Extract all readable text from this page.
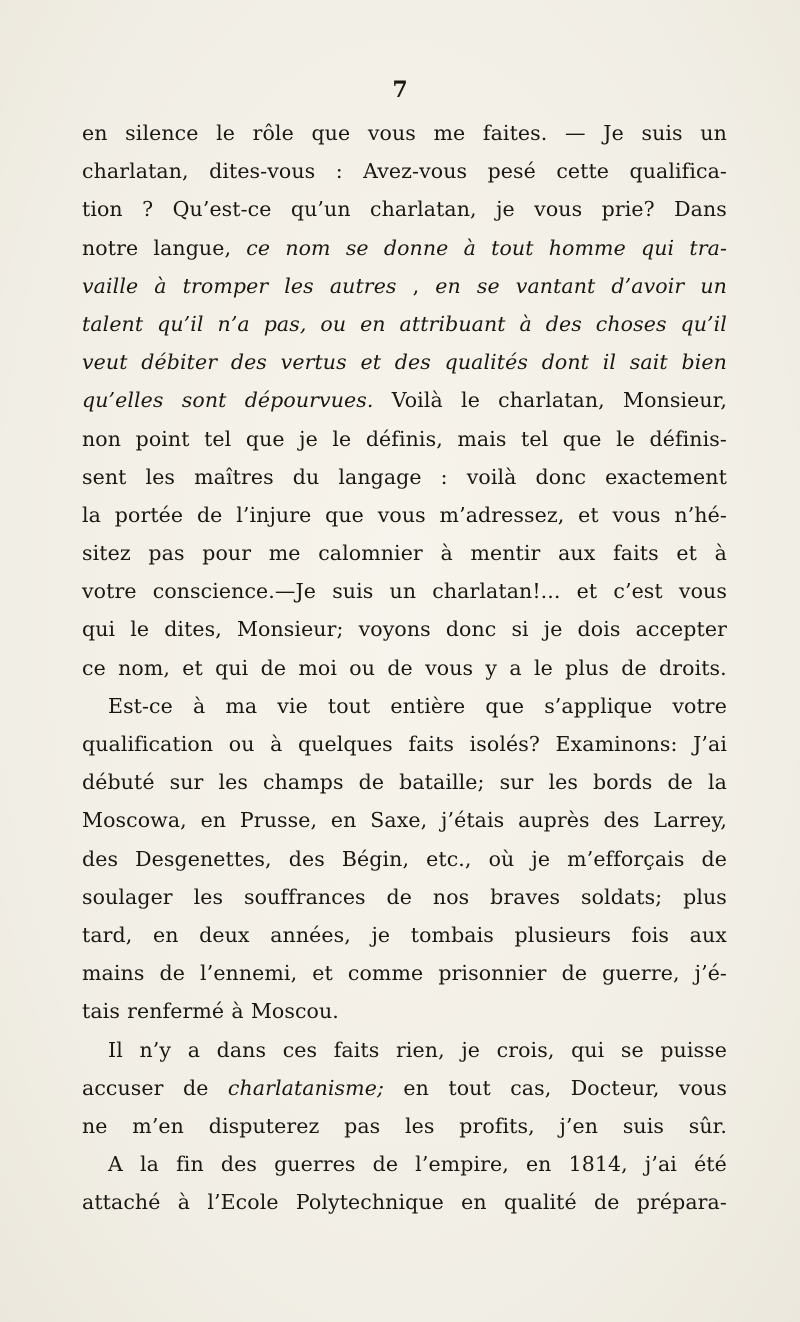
7
en silence le rôle que vous me faites. — Je suis un
charlatan, dites-vous : Avez-vous pesé cette qualifica-
tion ? Qu’est-ce qu’un charlatan, je vous prie? Dans
notre langue, ce nom se donne à tout homme qui tra-
vaille à tromper les autres , en se vantant d’avoir un
talent qu’il n’a pas, ou en attribuant à des choses qu’il
veut débiter des vertus et des qualités dont il sait bien
qu’elles sont dépourvues. Voilà le charlatan, Monsieur,
non point tel que je le définis, mais tel que le définis-
sent les maîtres du langage : voilà donc exactement
la portée de l’injure que vous m’adressez, et vous n’hé-
sitez pas pour me calomnier à mentir aux faits et à
votre conscience.—Je suis un charlatan!... et c’est vous
qui le dites, Monsieur; voyons donc si je dois accepter
ce nom, et qui de moi ou de vous y a le plus de droits.
Est-ce à ma vie tout entière que s’applique votre
qualification ou à quelques faits isolés? Examinons: J’ai
débuté sur les champs de bataille; sur les bords de la
Moscowa, en Prusse, en Saxe, j’étais auprès des Larrey,
des Desgenettes, des Bégin, etc., où je m’efforçais de
soulager les souffrances de nos braves soldats; plus
tard, en deux années, je tombais plusieurs fois aux
mains de l’ennemi, et comme prisonnier de guerre, j’é-
tais renfermé à Moscou.
Il n’y a dans ces faits rien, je crois, qui se puisse
accuser de charlatanisme; en tout cas, Docteur, vous
ne m’en disputerez pas les profits, j’en suis sûr.
A la fin des guerres de l’empire, en 1814, j’ai été
attaché à l’Ecole Polytechnique en qualité de prépara-
